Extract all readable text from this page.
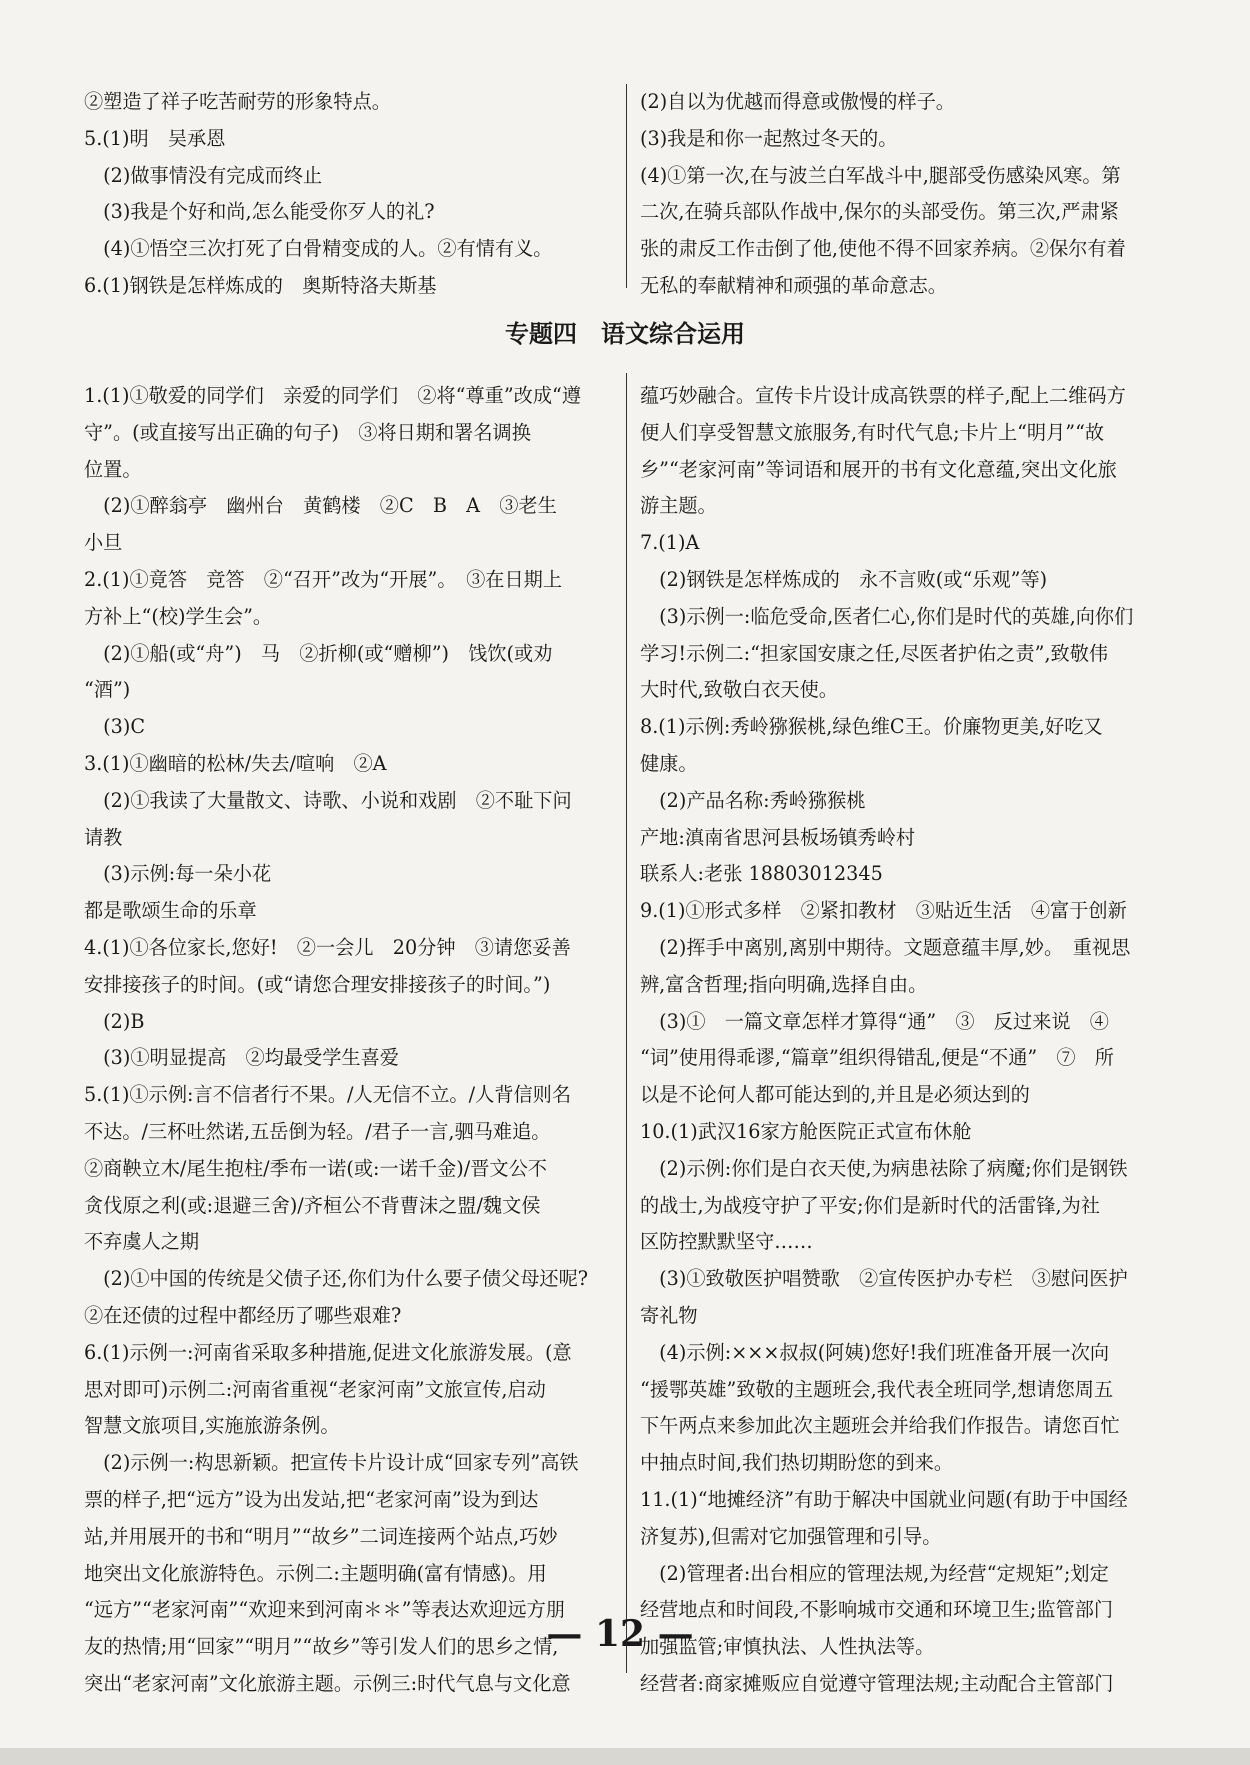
②塑造了祥子吃苦耐劳的形象特点。
5.(1)明　吴承恩
　(2)做事情没有完成而终止
　(3)我是个好和尚,怎么能受你歹人的礼?
　(4)①悟空三次打死了白骨精变成的人。②有情有义。
6.(1)钢铁是怎样炼成的　奥斯特洛夫斯基
(2)自以为优越而得意或傲慢的样子。
(3)我是和你一起熬过冬天的。
(4)①第一次,在与波兰白军战斗中,腿部受伤感染风寒。第
二次,在骑兵部队作战中,保尔的头部受伤。第三次,严肃紧
张的肃反工作击倒了他,使他不得不回家养病。②保尔有着
无私的奉献精神和顽强的革命意志。
专题四　语文综合运用
1.(1)①敬爱的同学们　亲爱的同学们　②将“尊重”改成“遵
守”。(或直接写出正确的句子)　③将日期和署名调换
位置。
　(2)①醉翁亭　幽州台　黄鹤楼　②C　B　A　③老生
小旦
2.(1)①竟答　竞答　②“召开”改为“开展”。　③在日期上
方补上“(校)学生会”。
　(2)①船(或“舟”)　马　②折柳(或“赠柳”)　饯饮(或劝
“酒”)
　(3)C
3.(1)①幽暗的松林/失去/喧响　②A
　(2)①我读了大量散文、诗歌、小说和戏剧　②不耻下问
请教
　(3)示例:每一朵小花
都是歌颂生命的乐章
4.(1)①各位家长,您好!　②一会儿　20分钟　③请您妥善
安排接孩子的时间。(或“请您合理安排接孩子的时间。”)
　(2)B
　(3)①明显提高　②均最受学生喜爱
5.(1)①示例:言不信者行不果。/人无信不立。/人背信则名
不达。/三杯吐然诺,五岳倒为轻。/君子一言,驷马难追。
②商鞅立木/尾生抱柱/季布一诺(或:一诺千金)/晋文公不
贪伐原之利(或:退避三舍)/齐桓公不背曹沫之盟/魏文侯
不弃虞人之期
　(2)①中国的传统是父债子还,你们为什么要子债父母还呢?
②在还债的过程中都经历了哪些艰难?
6.(1)示例一:河南省采取多种措施,促进文化旅游发展。(意
思对即可)示例二:河南省重视“老家河南”文旅宣传,启动
智慧文旅项目,实施旅游条例。
　(2)示例一:构思新颖。把宣传卡片设计成“回家专列”高铁
票的样子,把“远方”设为出发站,把“老家河南”设为到达
站,并用展开的书和“明月”“故乡”二词连接两个站点,巧妙
地突出文化旅游特色。示例二:主题明确(富有情感)。用
“远方”“老家河南”“欢迎来到河南＊＊”等表达欢迎远方朋
友的热情;用“回家”“明月”“故乡”等引发人们的思乡之情,
突出“老家河南”文化旅游主题。示例三:时代气息与文化意
蕴巧妙融合。宣传卡片设计成高铁票的样子,配上二维码方
便人们享受智慧文旅服务,有时代气息;卡片上“明月”“故
乡”“老家河南”等词语和展开的书有文化意蕴,突出文化旅
游主题。
7.(1)A
　(2)钢铁是怎样炼成的　永不言败(或“乐观”等)
　(3)示例一:临危受命,医者仁心,你们是时代的英雄,向你们
学习!示例二:“担家国安康之任,尽医者护佑之责”,致敬伟
大时代,致敬白衣天使。
8.(1)示例:秀岭猕猴桃,绿色维C王。价廉物更美,好吃又
健康。
　(2)产品名称:秀岭猕猴桃
产地:滇南省思河县板场镇秀岭村
联系人:老张 18803012345
9.(1)①形式多样　②紧扣教材　③贴近生活　④富于创新
　(2)挥手中离别,离别中期待。文题意蕴丰厚,妙。　重视思
辨,富含哲理;指向明确,选择自由。
　(3)①　一篇文章怎样才算得“通”　③　反过来说　④
“词”使用得乖谬,“篇章”组织得错乱,便是“不通”　⑦　所
以是不论何人都可能达到的,并且是必须达到的
10.(1)武汉16家方舱医院正式宣布休舱
　(2)示例:你们是白衣天使,为病患祛除了病魔;你们是钢铁
的战士,为战疫守护了平安;你们是新时代的活雷锋,为社
区防控默默坚守……
　(3)①致敬医护唱赞歌　②宣传医护办专栏　③慰问医护
寄礼物
　(4)示例:×××叔叔(阿姨)您好!我们班准备开展一次向
“援鄂英雄”致敬的主题班会,我代表全班同学,想请您周五
下午两点来参加此次主题班会并给我们作报告。请您百忙
中抽点时间,我们热切期盼您的到来。
11.(1)“地摊经济”有助于解决中国就业问题(有助于中国经
济复苏),但需对它加强管理和引导。
　(2)管理者:出台相应的管理法规,为经营“定规矩”;划定
经营地点和时间段,不影响城市交通和环境卫生;监管部门
加强监管;审慎执法、人性执法等。
经营者:商家摊贩应自觉遵守管理法规;主动配合主管部门
— 12 —
